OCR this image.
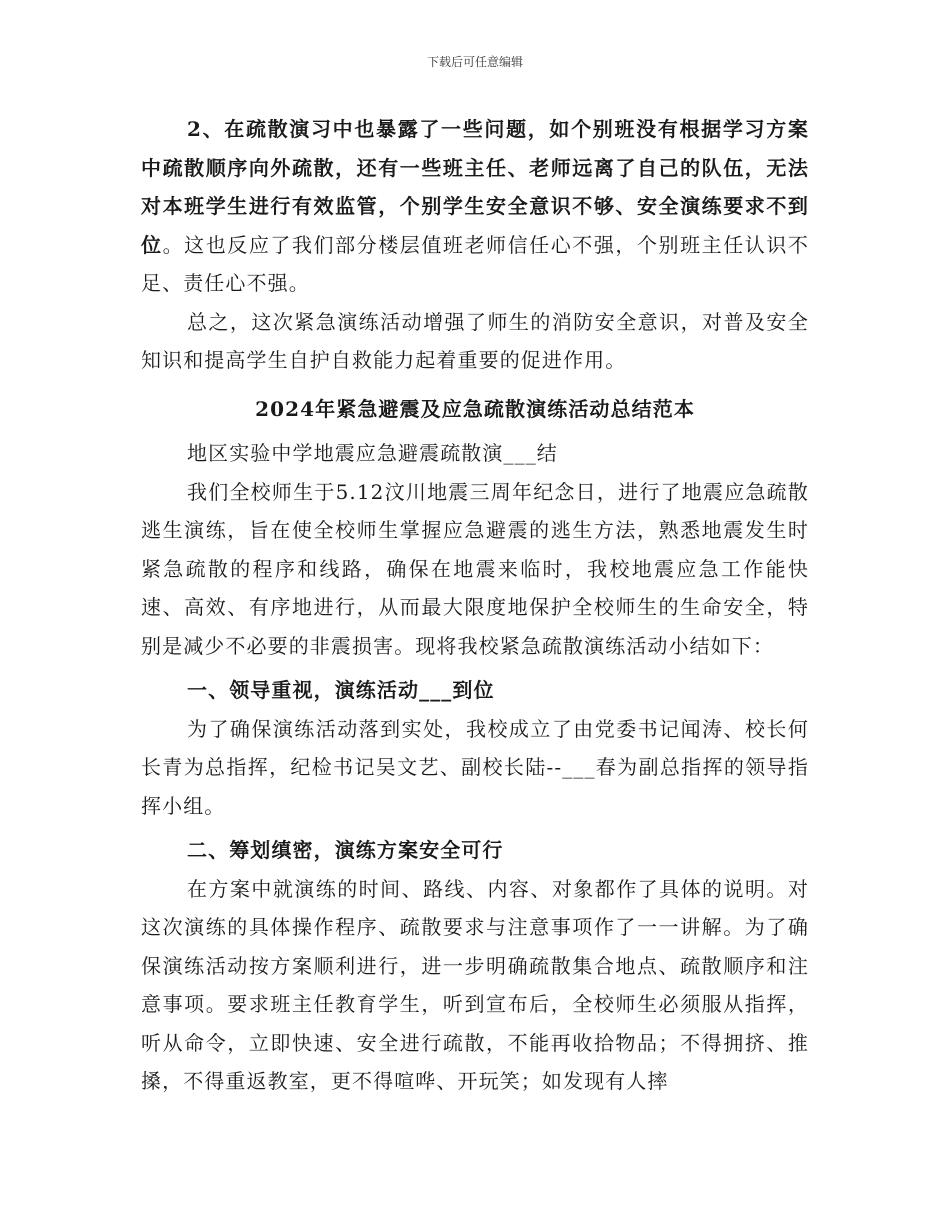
下载后可任意编辑

2、在疏散演习中也暴露了一些问题，如个别班没有根据学习方案中疏散顺序向外疏散，还有一些班主任、老师远离了自己的队伍，无法对本班学生进行有效监管，个别学生安全意识不够、安全演练要求不到位。这也反应了我们部分楼层值班老师信任心不强，个别班主任认识不足、责任心不强。

总之，这次紧急演练活动增强了师生的消防安全意识，对普及安全知识和提高学生自护自救能力起着重要的促进作用。

2024年紧急避震及应急疏散演练活动总结范本

地区实验中学地震应急避震疏散演___结

我们全校师生于5.12汶川地震三周年纪念日，进行了地震应急疏散逃生演练，旨在使全校师生掌握应急避震的逃生方法，熟悉地震发生时紧急疏散的程序和线路，确保在地震来临时，我校地震应急工作能快速、高效、有序地进行，从而最大限度地保护全校师生的生命安全，特别是减少不必要的非震损害。现将我校紧急疏散演练活动小结如下：

一、领导重视，演练活动___到位

为了确保演练活动落到实处，我校成立了由党委书记闻涛、校长何长青为总指挥，纪检书记吴文艺、副校长陆--___春为副总指挥的领导指挥小组。

二、筹划缜密，演练方案安全可行

在方案中就演练的时间、路线、内容、对象都作了具体的说明。对这次演练的具体操作程序、疏散要求与注意事项作了一一讲解。为了确保演练活动按方案顺利进行，进一步明确疏散集合地点、疏散顺序和注意事项。要求班主任教育学生，听到宣布后，全校师生必须服从指挥，听从命令，立即快速、安全进行疏散，不能再收拾物品；不得拥挤、推搡，不得重返教室，更不得喧哗、开玩笑；如发现有人摔
